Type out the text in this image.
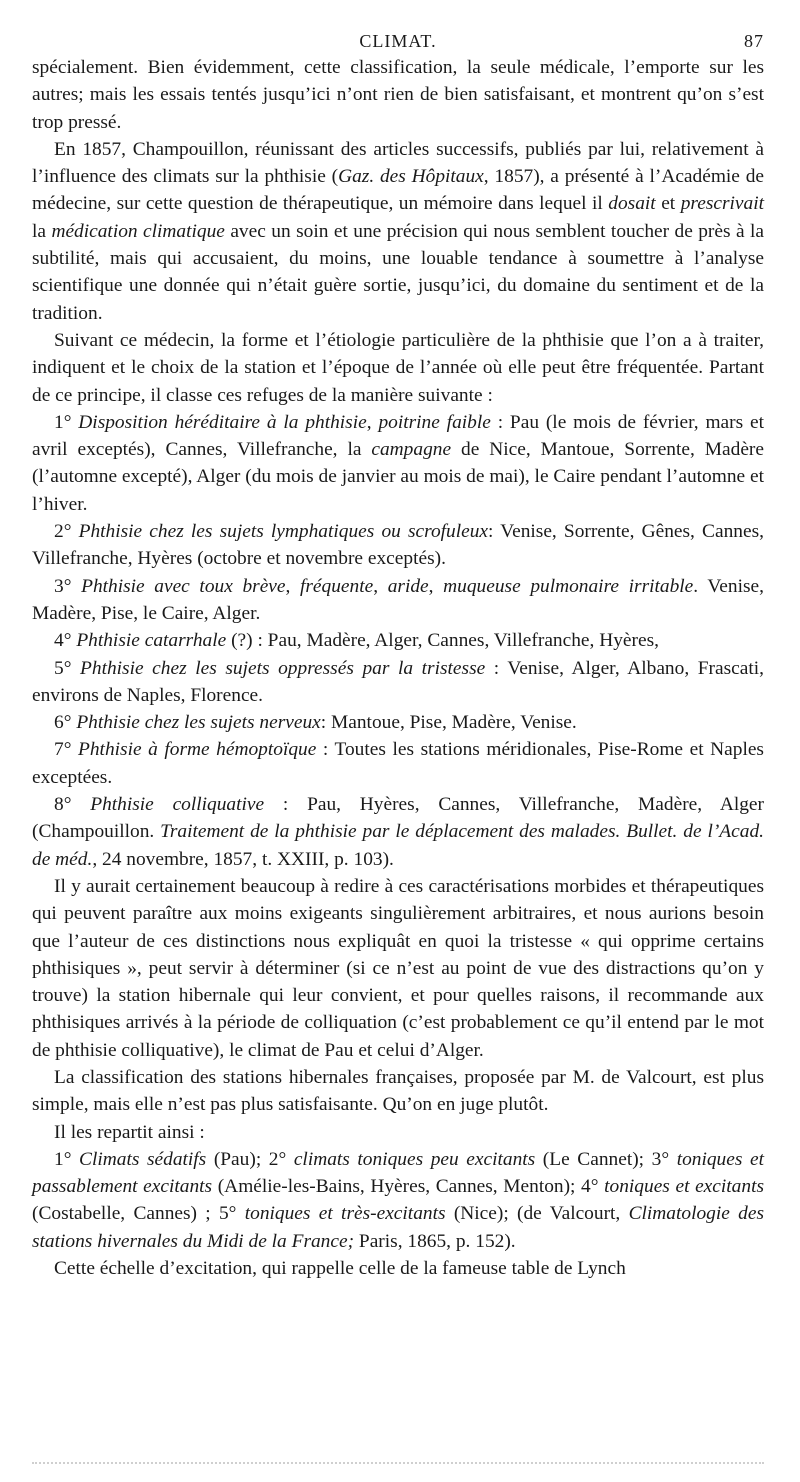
CLIMAT.	87

spécialement. Bien évidemment, cette classification, la seule médicale, l’emporte sur les autres; mais les essais tentés jusqu’ici n’ont rien de bien satisfaisant, et montrent qu’on s’est trop pressé.

En 1857, Champouillon, réunissant des articles successifs, publiés par lui, relativement à l’influence des climats sur la phthisie (Gaz. des Hôpitaux, 1857), a présenté à l’Académie de médecine, sur cette question de thérapeutique, un mémoire dans lequel il dosait et prescrivait la médication climatique avec un soin et une précision qui nous semblent toucher de près à la subtilité, mais qui accusaient, du moins, une louable tendance à soumettre à l’analyse scientifique une donnée qui n’était guère sortie, jusqu’ici, du domaine du sentiment et de la tradition.

Suivant ce médecin, la forme et l’étiologie particulière de la phthisie que l’on a à traiter, indiquent et le choix de la station et l’époque de l’année où elle peut être fréquentée. Partant de ce principe, il classe ces refuges de la manière suivante :

1° Disposition héréditaire à la phthisie, poitrine faible : Pau (le mois de février, mars et avril exceptés), Cannes, Villefranche, la campagne de Nice, Mantoue, Sorrente, Madère (l’automne excepté), Alger (du mois de janvier au mois de mai), le Caire pendant l’automne et l’hiver.

2° Phthisie chez les sujets lymphatiques ou scrofuleux: Venise, Sorrente, Gênes, Cannes, Villefranche, Hyères (octobre et novembre exceptés).

3° Phthisie avec toux brève, fréquente, aride, muqueuse pulmonaire irritable. Venise, Madère, Pise, le Caire, Alger.

4° Phthisie catarrhale (?) : Pau, Madère, Alger, Cannes, Villefranche, Hyères,

5° Phthisie chez les sujets oppressés par la tristesse : Venise, Alger, Albano, Frascati, environs de Naples, Florence.

6° Phthisie chez les sujets nerveux: Mantoue, Pise, Madère, Venise.

7° Phthisie à forme hémoptoïque : Toutes les stations méridionales, Pise-Rome et Naples exceptées.

8° Phthisie colliquative : Pau, Hyères, Cannes, Villefranche, Madère, Alger (Champouillon. Traitement de la phthisie par le déplacement des malades. Bullet. de l’Acad. de méd., 24 novembre, 1857, t. XXIII, p. 103).

Il y aurait certainement beaucoup à redire à ces caractérisations morbides et thérapeutiques qui peuvent paraître aux moins exigeants singulièrement arbitraires, et nous aurions besoin que l’auteur de ces distinctions nous expliquât en quoi la tristesse « qui opprime certains phthisiques », peut servir à déterminer (si ce n’est au point de vue des distractions qu’on y trouve) la station hibernale qui leur convient, et pour quelles raisons, il recommande aux phthisiques arrivés à la période de colliquation (c’est probablement ce qu’il entend par le mot de phthisie colliquative), le climat de Pau et celui d’Alger.

La classification des stations hibernales françaises, proposée par M. de Valcourt, est plus simple, mais elle n’est pas plus satisfaisante. Qu’on en juge plutôt.

Il les repartit ainsi :

1° Climats sédatifs (Pau); 2° climats toniques peu excitants (Le Cannet); 3° toniques et passablement excitants (Amélie-les-Bains, Hyères, Cannes, Menton); 4° toniques et excitants (Costabelle, Cannes) ; 5° toniques et très-excitants (Nice); (de Valcourt, Climatologie des stations hivernales du Midi de la France; Paris, 1865, p. 152).

Cette échelle d’excitation, qui rappelle celle de la fameuse table de Lynch
